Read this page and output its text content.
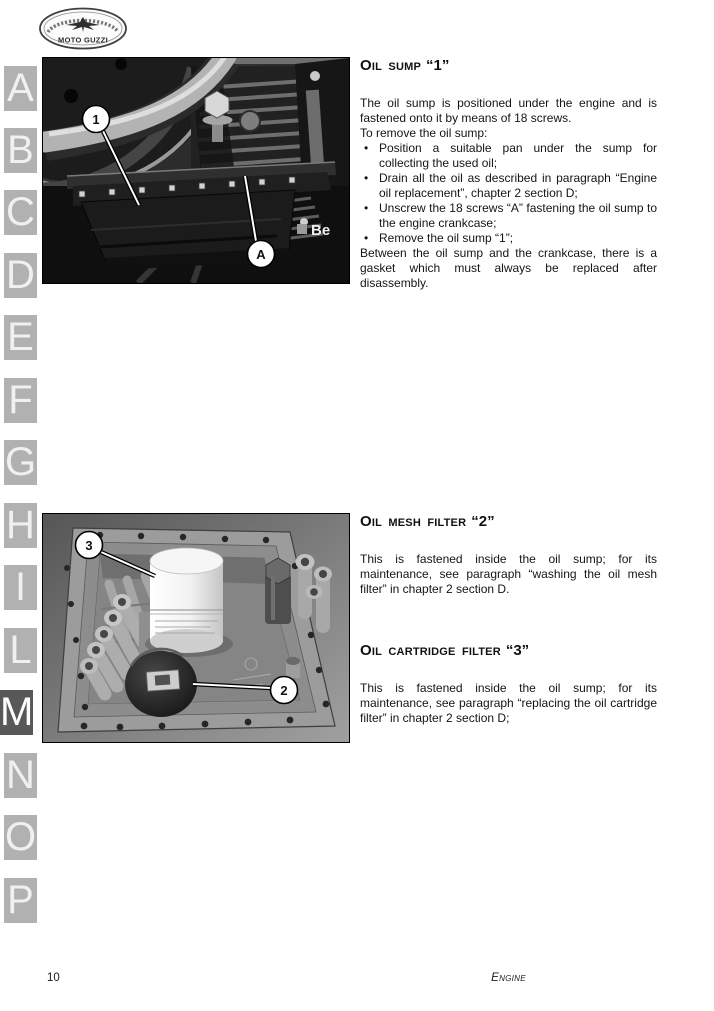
MOTO GUZZI
A
B
C
D
E
F
G
H
I
L
M
N
O
P
Be
1
A
Oil sump “1”

The oil sump is positioned under the engine and is fastened onto it by means of 18 screws.

To remove the oil sump:

• Position a suitable pan under the sump for collecting the used oil;
• Drain all the oil as described in paragraph “Engine oil replacement”, chapter 2 section D;
• Unscrew the 18 screws “A” fastening the oil sump to the engine crankcase;
• Remove the oil sump “1”;

Between the oil sump and the crankcase, there is a gasket which must always be replaced after disassembly.

3
2
Oil mesh filter “2”

This is fastened inside the oil sump; for its maintenance, see paragraph “washing the oil mesh filter” in chapter 2 section D.

Oil cartridge filter “3”

This is fastened inside the oil sump; for its maintenance, see paragraph “replacing the oil cartridge filter” in chapter 2 section D;

10	Engine
